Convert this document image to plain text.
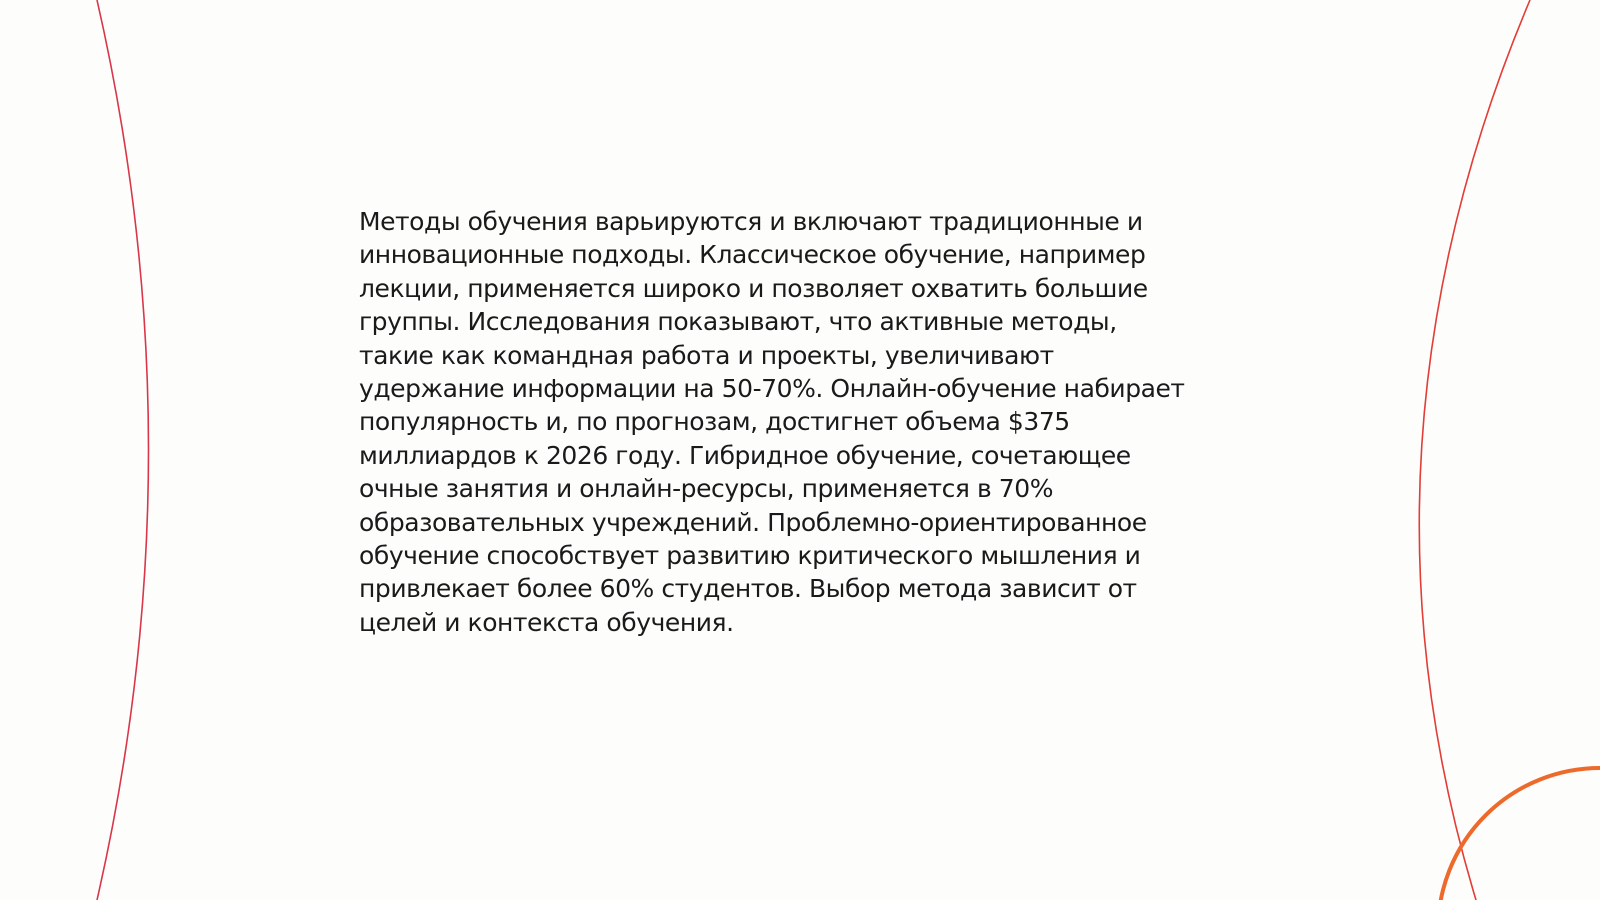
Методы обучения варьируются и включают традиционные и
инновационные подходы. Классическое обучение, например
лекции, применяется широко и позволяет охватить большие
группы. Исследования показывают, что активные методы,
такие как командная работа и проекты, увеличивают
удержание информации на 50-70%. Онлайн-обучение набирает
популярность и, по прогнозам, достигнет объема $375
миллиардов к 2026 году. Гибридное обучение, сочетающее
очные занятия и онлайн-ресурсы, применяется в 70%
образовательных учреждений. Проблемно-ориентированное
обучение способствует развитию критического мышления и
привлекает более 60% студентов. Выбор метода зависит от
целей и контекста обучения.
